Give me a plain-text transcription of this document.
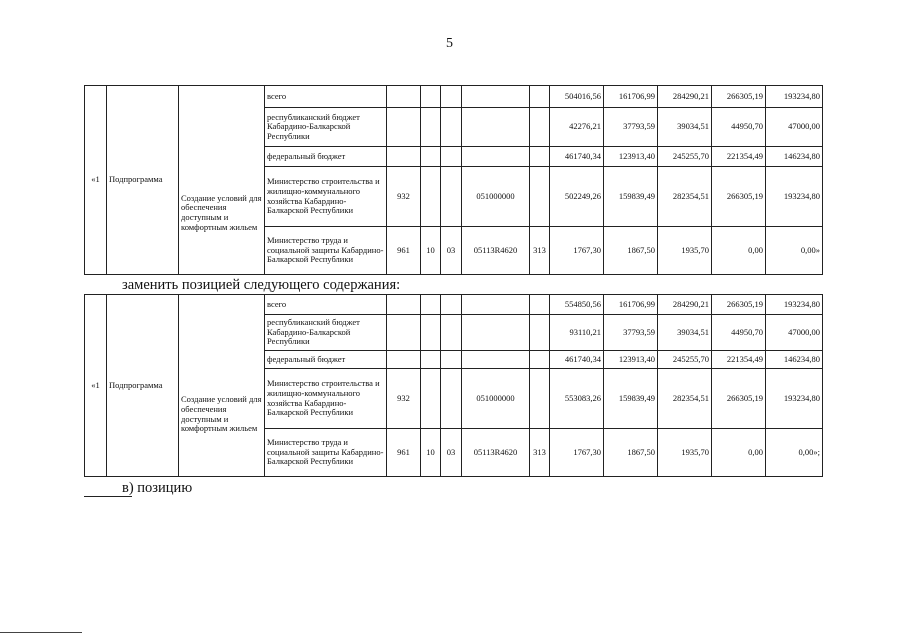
5
«1	Подпрограмма	Создание условий для обеспечения доступным и комфортным жильем	всего						504016,56	161706,99	284290,21	266305,19	193234,80
			республиканский бюджет Кабардино-Балкарской Республики						42276,21	37793,59	39034,51	44950,70	47000,00
			федеральный бюджет						461740,34	123913,40	245255,70	221354,49	146234,80
			Министерство строительства и жилищно-коммунального хозяйства Кабардино-Балкарской Республики	932			051000000		502249,26	159839,49	282354,51	266305,19	193234,80
			Министерство труда и социальной защиты Кабардино-Балкарской Республики	961	10	03	05113R4620	313	1767,30	1867,50	1935,70	0,00	0,00»
заменить позицией следующего содержания:
«1	Подпрограмма	Создание условий для обеспечения доступным и комфортным жильем	всего						554850,56	161706,99	284290,21	266305,19	193234,80
			республиканский бюджет Кабардино-Балкарской Республики						93110,21	37793,59	39034,51	44950,70	47000,00
			федеральный бюджет						461740,34	123913,40	245255,70	221354,49	146234,80
			Министерство строительства и жилищно-коммунального хозяйства Кабардино-Балкарской Республики	932			051000000		553083,26	159839,49	282354,51	266305,19	193234,80
			Министерство труда и социальной защиты Кабардино-Балкарской Республики	961	10	03	05113R4620	313	1767,30	1867,50	1935,70	0,00	0,00»;
в) позицию
